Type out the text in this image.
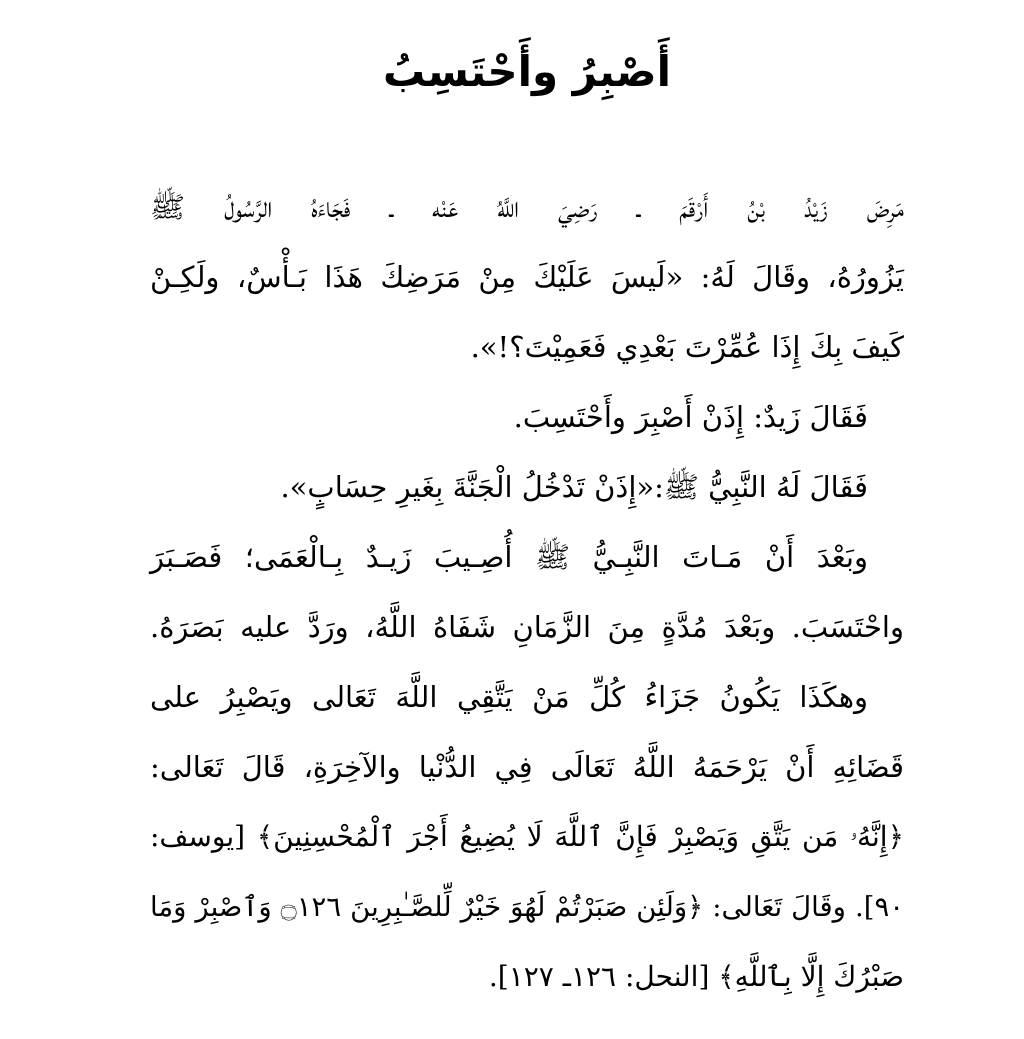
أَصْبِرُ وأَحْتَسِبُ
مَرِضَ زَيْدُ بْنُ أَرْقَمَ ـ رَضِيَ اللَّهُ عَنْه ـ فَجَاءَهُ الرَّسُولُ ﷺ
يَزُورُهُ، وقَالَ لَهُ: «لَيسَ عَلَيْكَ مِنْ مَرَضِكَ هَذَا بَـأْسٌ، ولَكِـنْ
كَيفَ بِكَ إِذَا عُمِّرْتَ بَعْدِي فَعَمِيْتَ؟!».
فَقَالَ زَيدٌ: إِذَنْ أَصْبِرَ وأَحْتَسِبَ.
فَقَالَ لَهُ النَّبِيُّ ﷺ:«إِذَنْ تَدْخُلُ الْجَنَّةَ بِغَيرِ حِسَابٍ».
وبَعْدَ أَنْ مَـاتَ النَّبِـيُّ ﷺ أُصِـيبَ زَيـدٌ بِـالْعَمَى؛ فَصَـبَرَ
واحْتَسَبَ. وبَعْدَ مُدَّةٍ مِنَ الزَّمَانِ شَفَاهُ اللَّهُ، ورَدَّ عليه بَصَرَهُ.
وهكَذَا يَكُونُ جَزَاءُ كُلِّ مَنْ يَتَّقِي اللَّهَ تَعَالى ويَصْبِرُ على
قَضَائِهِ أَنْ يَرْحَمَهُ اللَّهُ تَعَالَى فِي الدُّنْيا والآخِرَةِ، قَالَ تَعَالى:
﴿إِنَّهُۥ مَن يَتَّقِ وَيَصْبِرْ فَإِنَّ ٱللَّهَ لَا يُضِيعُ أَجْرَ ٱلْمُحْسِنِينَ﴾ [يوسف:
٩٠]. وقَالَ تَعَالى: ﴿وَلَئِن صَبَرْتُمْ لَهُوَ خَيْرٌ لِّلصَّـٰبِرِينَ ۝١٢٦ وَٱصْبِرْ وَمَا
صَبْرُكَ إِلَّا بِٱللَّهِ﴾ [النحل: ١٢٦ـ ١٢٧].
